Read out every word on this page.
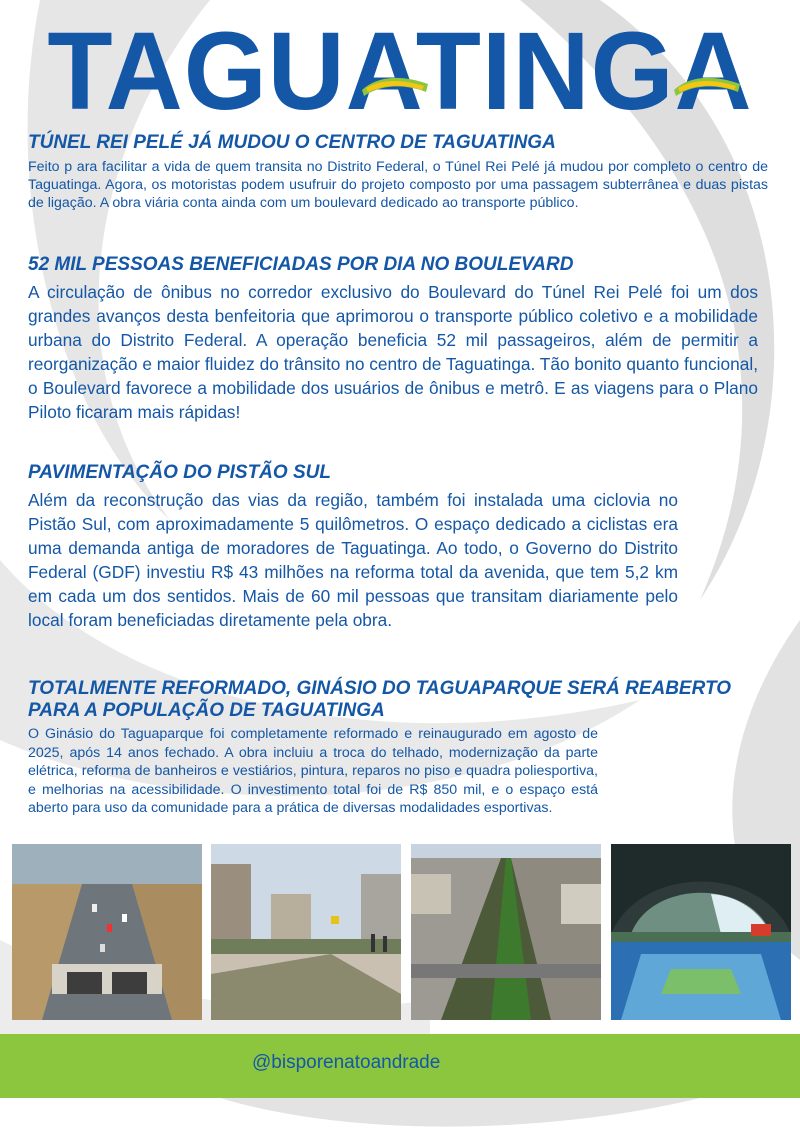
TAGUATINGA
TÚNEL REI PELÉ JÁ MUDOU O CENTRO DE TAGUATINGA

Feito p ara facilitar a vida de quem transita no Distrito Federal, o Túnel Rei Pelé já mudou por completo o centro de Taguatinga. Agora, os motoristas podem usufruir do projeto composto por uma passagem subterrânea e duas pistas de ligação. A obra viária conta ainda com um boulevard dedicado ao transporte público.

52 MIL PESSOAS BENEFICIADAS POR DIA NO BOULEVARD

A circulação de ônibus no corredor exclusivo do Boulevard do Túnel Rei Pelé foi um dos grandes avanços desta benfeitoria que aprimorou o transporte público coletivo e a mobilidade urbana do Distrito Federal. A operação beneficia 52 mil passageiros, além de permitir a reorganização e maior fluidez do trânsito no centro de Taguatinga. Tão bonito quanto funcional, o Boulevard favorece a mobilidade dos usuários de ônibus e metrô. E as viagens para o Plano Piloto ficaram mais rápidas!

PAVIMENTAÇÃO DO PISTÃO SUL

Além da reconstrução das vias da região, também foi instalada uma ciclovia no Pistão Sul, com aproximadamente 5 quilômetros. O espaço dedicado a ciclistas era uma demanda antiga de moradores de Taguatinga. Ao todo, o Governo do Distrito Federal (GDF) investiu R$ 43 milhões na reforma total da avenida, que tem 5,2 km em cada um dos sentidos. Mais de 60 mil pessoas que transitam diariamente pelo local foram beneficiadas diretamente pela obra.

TOTALMENTE REFORMADO, GINÁSIO DO TAGUAPARQUE SERÁ REABERTO PARA A POPULAÇÃO DE TAGUATINGA

O Ginásio do Taguaparque foi completamente reformado e reinaugurado em agosto de 2025, após 14 anos fechado. A obra incluiu a troca do telhado, modernização da parte elétrica, reforma de banheiros e vestiários, pintura, reparos no piso e quadra poliesportiva, e melhorias na acessibilidade. O investimento total foi de R$ 850 mil, e o espaço está aberto para uso da comunidade para a prática de diversas modalidades esportivas.

@bisporenatoandrade
